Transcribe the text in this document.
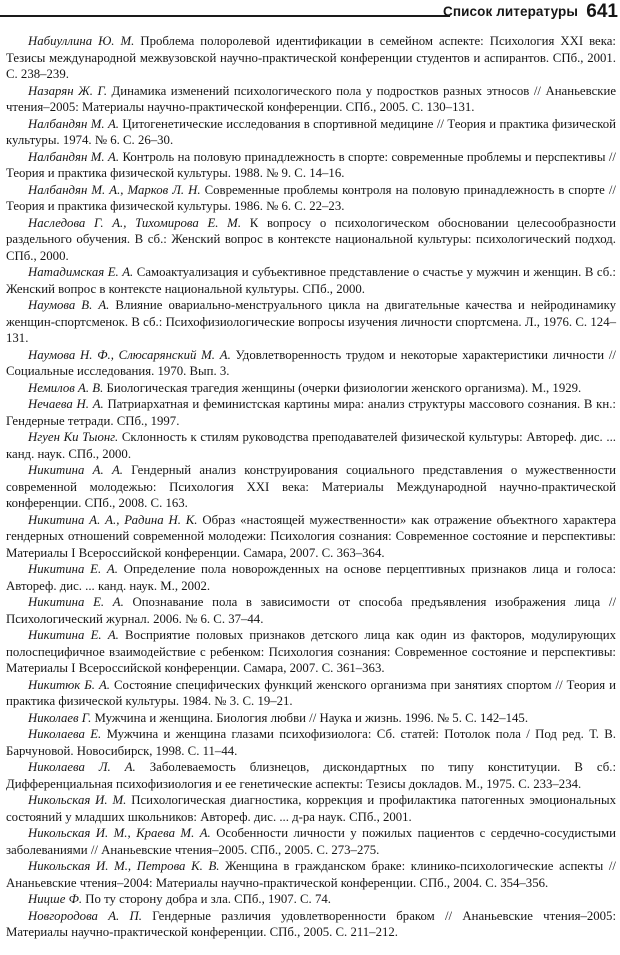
Список литературы 641

Набиуллина Ю. М. Проблема полоролевой идентификации в семейном аспекте: Психология XXI века: Тезисы международной межвузовской научно-практической конференции студентов и аспирантов. СПб., 2001. С. 238–239.

Назарян Ж. Г. Динамика изменений психологического пола у подростков разных этносов // Ананьевские чтения–2005: Материалы научно-практической конференции. СПб., 2005. С. 130–131.

Налбандян М. А. Цитогенетические исследования в спортивной медицине // Теория и практика физической культуры. 1974. № 6. С. 26–30.

Налбандян М. А. Контроль на половую принадлежность в спорте: современные проблемы и перспективы // Теория и практика физической культуры. 1988. № 9. С. 14–16.

Налбандян М. А., Марков Л. Н. Современные проблемы контроля на половую принадлежность в спорте // Теория и практика физической культуры. 1986. № 6. С. 22–23.

Наследова Г. А., Тихомирова Е. М. К вопросу о психологическом обосновании целесообразности раздельного обучения. В сб.: Женский вопрос в контексте национальной культуры: психологический подход. СПб., 2000.

Натадимская Е. А. Самоактуализация и субъективное представление о счастье у мужчин и женщин. В сб.: Женский вопрос в контексте национальной культуры. СПб., 2000.

Наумова В. А. Влияние овариально-менструального цикла на двигательные качества и нейродинамику женщин-спортсменок. В сб.: Психофизиологические вопросы изучения личности спортсмена. Л., 1976. С. 124–131.

Наумова Н. Ф., Слюсарянский М. А. Удовлетворенность трудом и некоторые характеристики личности // Социальные исследования. 1970. Вып. 3.

Немилов А. В. Биологическая трагедия женщины (очерки физиологии женского организма). М., 1929.

Нечаева Н. А. Патриархатная и феминистская картины мира: анализ структуры массового сознания. В кн.: Гендерные тетради. СПб., 1997.

Нгуен Ки Тыонг. Склонность к стилям руководства преподавателей физической культуры: Автореф. дис. ... канд. наук. СПб., 2000.

Никитина А. А. Гендерный анализ конструирования социального представления о мужественности современной молодежью: Психология XXI века: Материалы Международной научно-практической конференции. СПб., 2008. С. 163.

Никитина А. А., Радина Н. К. Образ «настоящей мужественности» как отражение объектного характера гендерных отношений современной молодежи: Психология сознания: Современное состояние и перспективы: Материалы I Всероссийской конференции. Самара, 2007. С. 363–364.

Никитина Е. А. Определение пола новорожденных на основе перцептивных признаков лица и голоса: Автореф. дис. ... канд. наук. М., 2002.

Никитина Е. А. Опознавание пола в зависимости от способа предъявления изображения лица // Психологический журнал. 2006. № 6. С. 37–44.

Никитина Е. А. Восприятие половых признаков детского лица как один из факторов, модулирующих полоспецифичное взаимодействие с ребенком: Психология сознания: Современное состояние и перспективы: Материалы I Всероссийской конференции. Самара, 2007. С. 361–363.

Никитюк Б. А. Состояние специфических функций женского организма при занятиях спортом // Теория и практика физической культуры. 1984. № 3. С. 19–21.

Николаев Г. Мужчина и женщина. Биология любви // Наука и жизнь. 1996. № 5. С. 142–145.

Николаева Е. Мужчина и женщина глазами психофизиолога: Сб. статей: Потолок пола / Под ред. Т. В. Барчуновой. Новосибирск, 1998. С. 11–44.

Николаева Л. А. Заболеваемость близнецов, дискондартных по типу конституции. В сб.: Дифференциальная психофизиология и ее генетические аспекты: Тезисы докладов. М., 1975. С. 233–234.

Никольская И. М. Психологическая диагностика, коррекция и профилактика патогенных эмоциональных состояний у младших школьников: Автореф. дис. ... д-ра наук. СПб., 2001.

Никольская И. М., Краева М. А. Особенности личности у пожилых пациентов с сердечно-сосудистыми заболеваниями // Ананьевские чтения–2005. СПб., 2005. С. 273–275.

Никольская И. М., Петрова К. В. Женщина в гражданском браке: клинико-психологические аспекты // Ананьевские чтения–2004: Материалы научно-практической конференции. СПб., 2004. С. 354–356.

Ницше Ф. По ту сторону добра и зла. СПб., 1907. С. 74.

Новгородова А. П. Гендерные различия удовлетворенности браком // Ананьевские чтения–2005: Материалы научно-практической конференции. СПб., 2005. С. 211–212.
